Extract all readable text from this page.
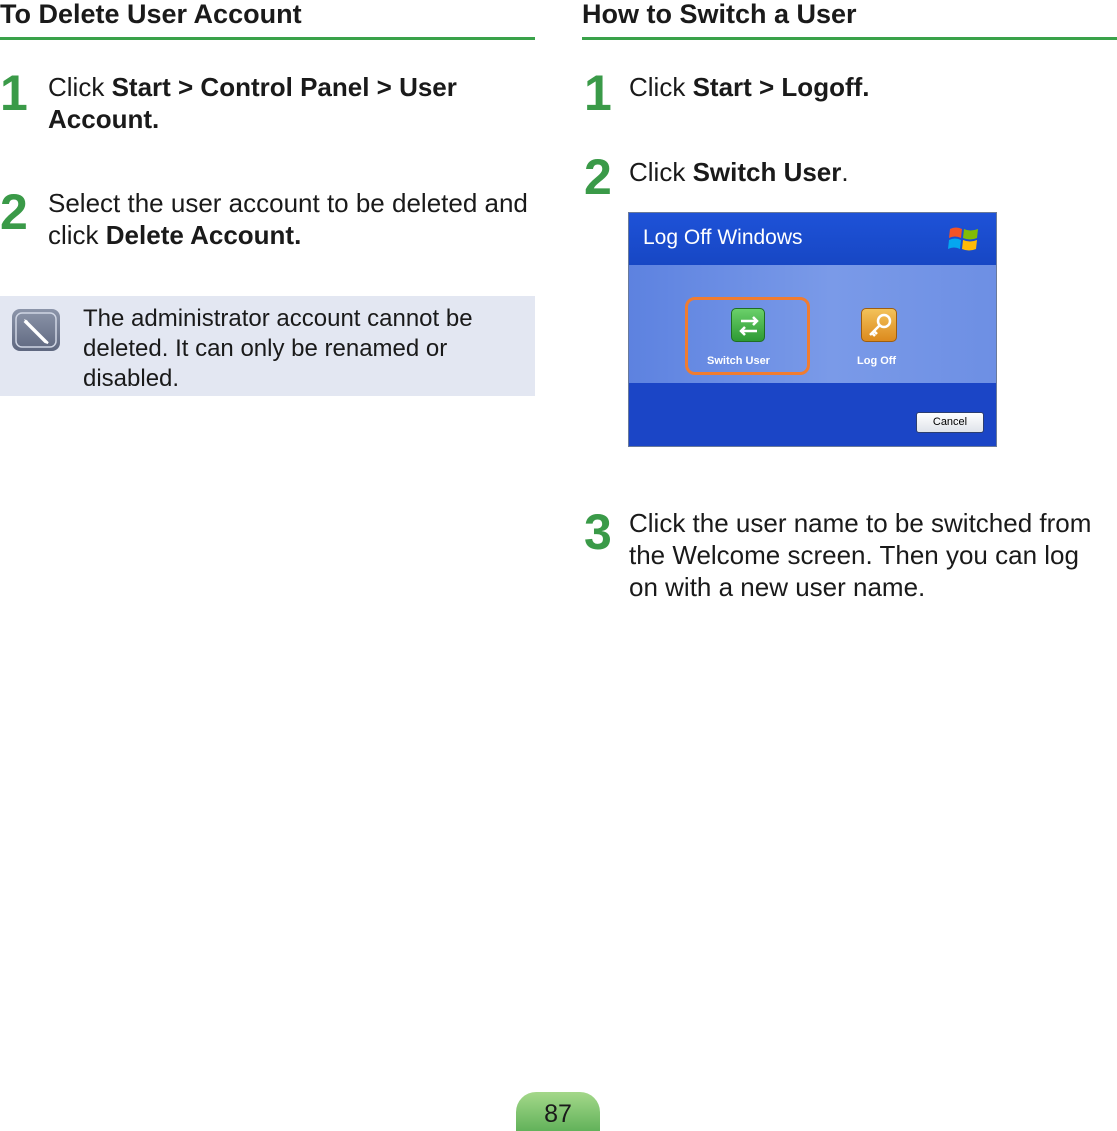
To Delete User Account
1 Click Start > Control Panel > User Account.
2 Select the user account to be deleted and click Delete Account.
The administrator account cannot be deleted. It can only be renamed or disabled.
How to Switch a User
1 Click Start > Logoff.
2 Click Switch User.
Log Off Windows
Switch User	Log Off
Cancel
3 Click the user name to be switched from the Welcome screen. Then you can log on with a new user name.
87
